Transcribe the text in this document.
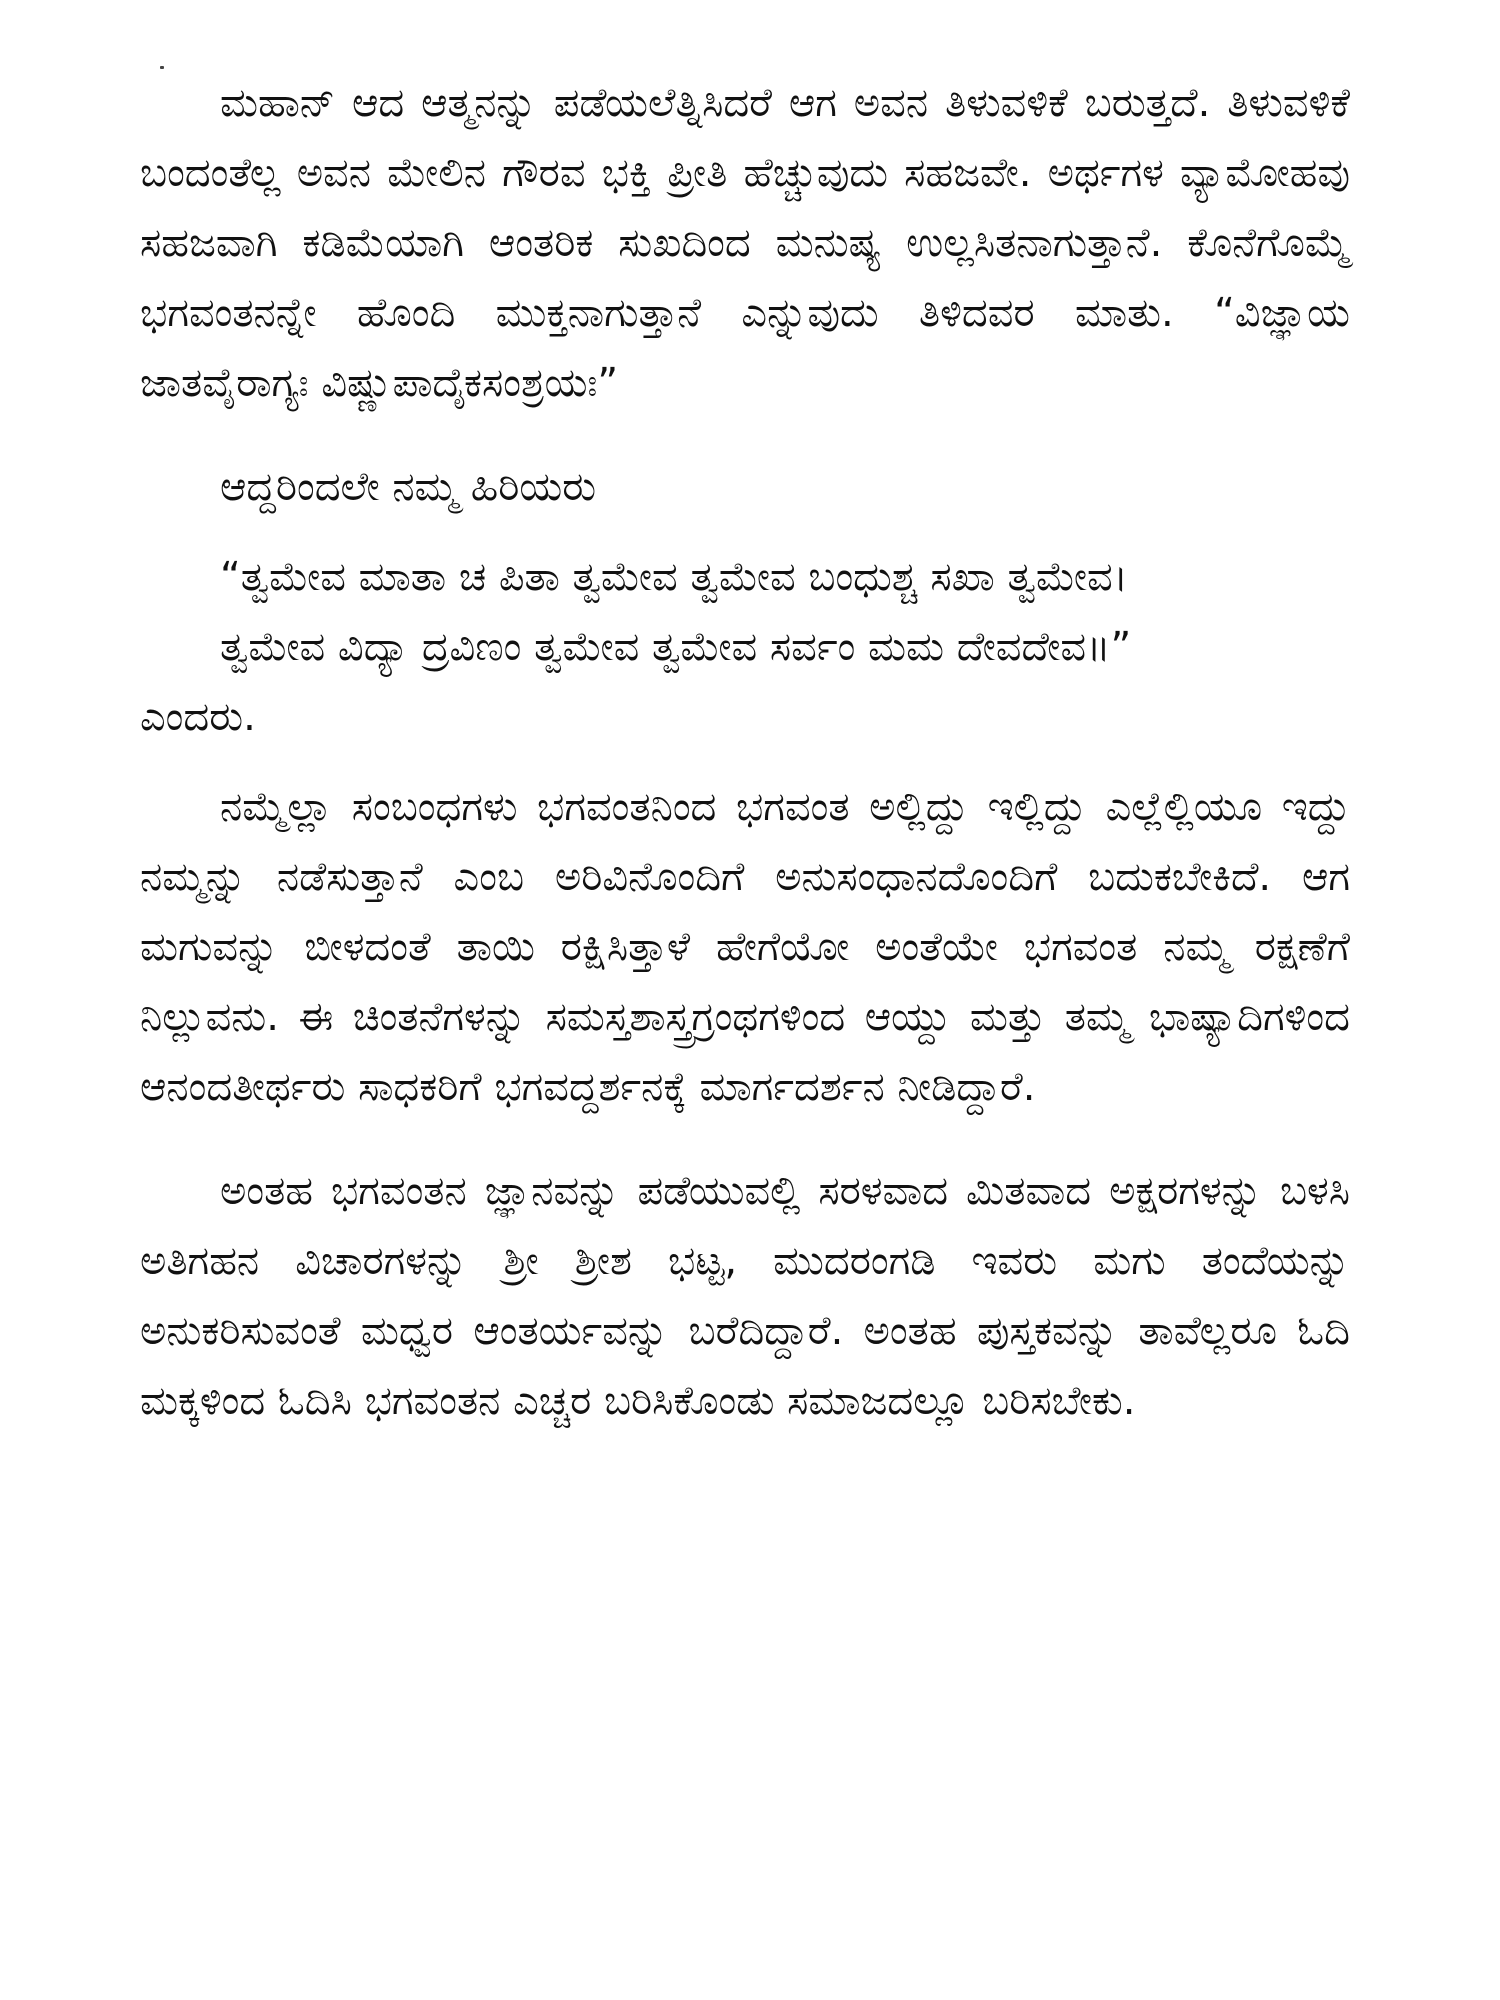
ಮಹಾನ್ ಆದ ಆತ್ಮನನ್ನು ಪಡೆಯಲೆತ್ನಿಸಿದರೆ ಆಗ ಅವನ ತಿಳುವಳಿಕೆ ಬರುತ್ತದೆ. ತಿಳುವಳಿಕೆ ಬಂದಂತೆಲ್ಲ ಅವನ ಮೇಲಿನ ಗೌರವ ಭಕ್ತಿ ಪ್ರೀತಿ ಹೆಚ್ಚುವುದು ಸಹಜವೇ. ಅರ್ಥಗಳ ವ್ಯಾಮೋಹವು ಸಹಜವಾಗಿ ಕಡಿಮೆಯಾಗಿ ಆಂತರಿಕ ಸುಖದಿಂದ ಮನುಷ್ಯ ಉಲ್ಲಸಿತನಾಗುತ್ತಾನೆ. ಕೊನೆಗೊಮ್ಮೆ ಭಗವಂತನನ್ನೇ ಹೊಂದಿ ಮುಕ್ತನಾಗುತ್ತಾನೆ ಎನ್ನುವುದು ತಿಳಿದವರ ಮಾತು. “ವಿಜ್ಞಾಯ ಜಾತವೈರಾಗ್ಯಃ ವಿಷ್ಣುಪಾದೈಕಸಂಶ್ರಯಃ”

ಆದ್ದರಿಂದಲೇ ನಮ್ಮ ಹಿರಿಯರು

“ತ್ವಮೇವ ಮಾತಾ ಚ ಪಿತಾ ತ್ವಮೇವ ತ್ವಮೇವ ಬಂಧುಶ್ಚ ಸಖಾ ತ್ವಮೇವ।
ತ್ವಮೇವ ವಿದ್ಯಾ ದ್ರವಿಣಂ ತ್ವಮೇವ ತ್ವಮೇವ ಸರ್ವಂ ಮಮ ದೇವದೇವ॥”
ಎಂದರು.

ನಮ್ಮೆಲ್ಲಾ ಸಂಬಂಧಗಳು ಭಗವಂತನಿಂದ ಭಗವಂತ ಅಲ್ಲಿದ್ದು ಇಲ್ಲಿದ್ದು ಎಲ್ಲೆಲ್ಲಿಯೂ ಇದ್ದು ನಮ್ಮನ್ನು ನಡೆಸುತ್ತಾನೆ ಎಂಬ ಅರಿವಿನೊಂದಿಗೆ ಅನುಸಂಧಾನದೊಂದಿಗೆ ಬದುಕಬೇಕಿದೆ. ಆಗ ಮಗುವನ್ನು ಬೀಳದಂತೆ ತಾಯಿ ರಕ್ಷಿಸಿತ್ತಾಳೆ ಹೇಗೆಯೋ ಅಂತೆಯೇ ಭಗವಂತ ನಮ್ಮ ರಕ್ಷಣೆಗೆ ನಿಲ್ಲುವನು. ಈ ಚಿಂತನೆಗಳನ್ನು ಸಮಸ್ತಶಾಸ್ತ್ರಗ್ರಂಥಗಳಿಂದ ಆಯ್ದು ಮತ್ತು ತಮ್ಮ ಭಾಷ್ಯಾದಿಗಳಿಂದ ಆನಂದತೀರ್ಥರು ಸಾಧಕರಿಗೆ ಭಗವದ್ದರ್ಶನಕ್ಕೆ ಮಾರ್ಗದರ್ಶನ ನೀಡಿದ್ದಾರೆ.

ಅಂತಹ ಭಗವಂತನ ಜ್ಞಾನವನ್ನು ಪಡೆಯುವಲ್ಲಿ ಸರಳವಾದ ಮಿತವಾದ ಅಕ್ಷರಗಳನ್ನು ಬಳಸಿ ಅತಿಗಹನ ವಿಚಾರಗಳನ್ನು ಶ್ರೀ ಶ್ರೀಶ ಭಟ್ಟ, ಮುದರಂಗಡಿ ಇವರು ಮಗು ತಂದೆಯನ್ನು ಅನುಕರಿಸುವಂತೆ ಮಧ್ವರ ಆಂತರ್ಯವನ್ನು ಬರೆದಿದ್ದಾರೆ. ಅಂತಹ ಪುಸ್ತಕವನ್ನು ತಾವೆಲ್ಲರೂ ಓದಿ ಮಕ್ಕಳಿಂದ ಓದಿಸಿ ಭಗವಂತನ ಎಚ್ಚರ ಬರಿಸಿಕೊಂಡು ಸಮಾಜದಲ್ಲೂ ಬರಿಸಬೇಕು.
